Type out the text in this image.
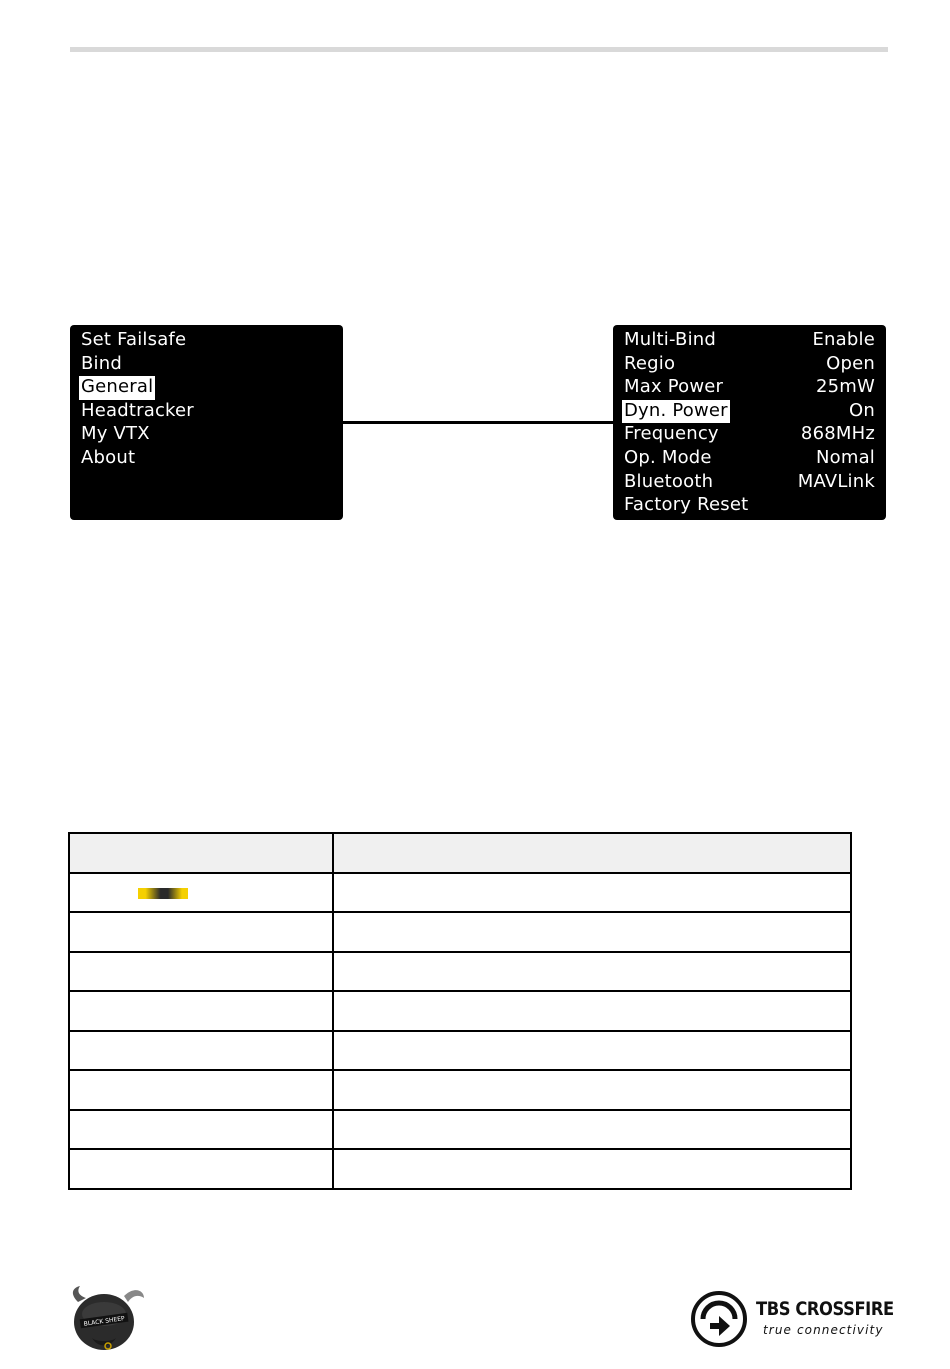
Set Failsafe
Bind
General
Headtracker
My VTX
About
Multi-Bind	Enable
Regio	Open
Max Power	25mW
Dyn. Power	On
Frequency	868MHz
Op. Mode	Nomal
Bluetooth	MAVLink
Factory Reset

BLACK SHEEP
TBS CROSSFIRE
true connectivity
